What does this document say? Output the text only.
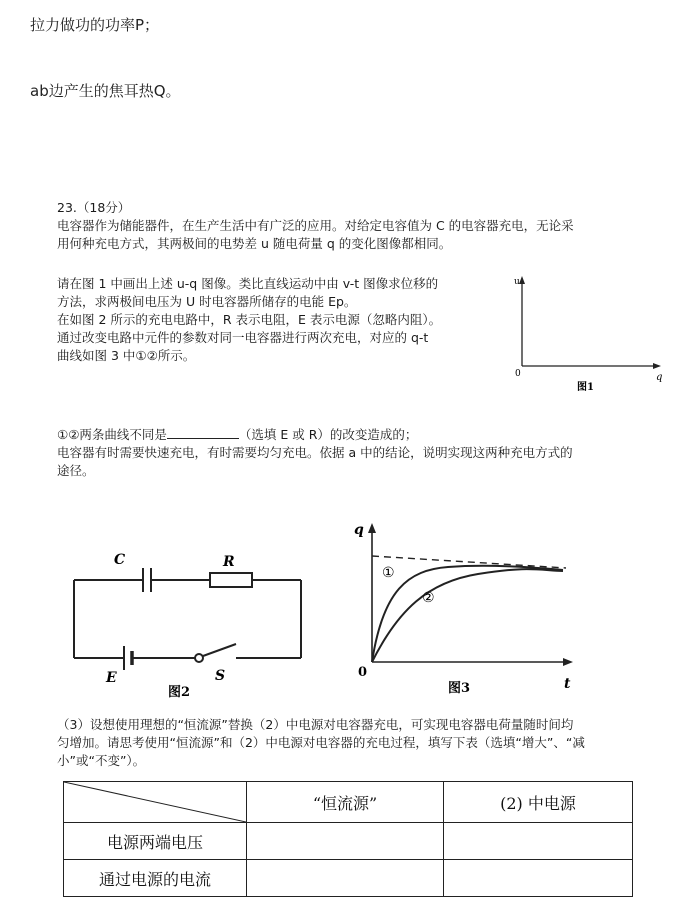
拉力做功的功率P；
ab边产生的焦耳热Q。
23.（18分）
电容器作为储能器件，在生产生活中有广泛的应用。对给定电容值为 C 的电容器充电，无论采
用何种充电方式，其两极间的电势差 u 随电荷量 q 的变化图像都相同。
请在图 1 中画出上述 u-q 图像。类比直线运动中由 v-t 图像求位移的
方法，求两极间电压为 U 时电容器所储存的电能 Ep。
在如图 2 所示的充电电路中，R 表示电阻，E 表示电源（忽略内阻）。
通过改变电路中元件的参数对同一电容器进行两次充电，对应的 q-t
曲线如图 3 中①②所示。
①②两条曲线不同是	（选填 E 或 R）的改变造成的；
电容器有时需要快速充电，有时需要均匀充电。依据 a 中的结论，说明实现这两种充电方式的
途径。
u
q
0
图1
C	R
E	S
图2
q
t
0
①
②
图3
（3）设想使用理想的“恒流源”替换（2）中电源对电容器充电，可实现电容器电荷量随时间均
匀增加。请思考使用“恒流源”和（2）中电源对电容器的充电过程，填写下表（选填“增大”、“减
小”或“不变”）。
	“恒流源”	(2) 中电源
电源两端电压		
通过电源的电流		
